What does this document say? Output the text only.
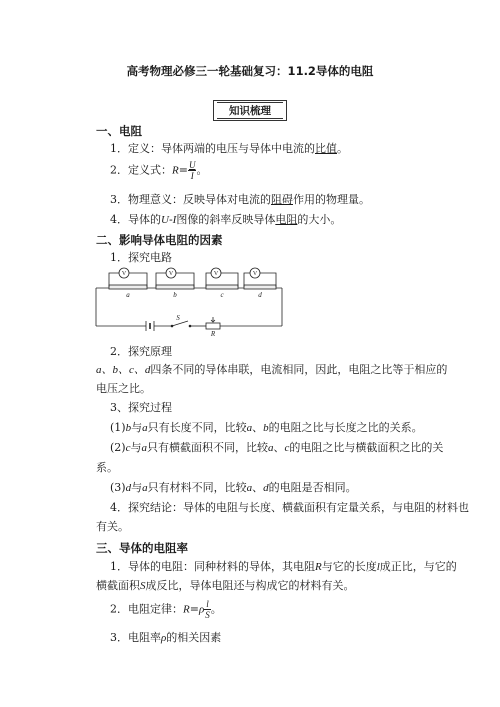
高考物理必修三一轮基础复习：11.2导体的电阻
知识梳理
一、电阻
1．定义：导体两端的电压与导体中电流的比值。
2．定义式：$R= \frac{U}{I}$ 。
3．物理意义：反映导体对电流的阻碍作用的物理量。
4．导体的U-I图像的斜率反映导体电阻的大小。
二、影响导体电阻的因素
1．探究电路
V	V	V	V
a	b	c	d
S
R
2．探究原理
a、b、c、d四条不同的导体串联，电流相同，因此，电阻之比等于相应的
电压之比。
3、探究过程
(1)b与a只有长度不同，比较a、b的电阻之比与长度之比的关系。
(2)c与a只有横截面积不同，比较a、c的电阻之比与横截面积之比的关
系。
(3)d与a只有材料不同，比较a、d的电阻是否相同。
4．探究结论：导体的电阻与长度、横截面积有定量关系，与电阻的材料也
有关。
三、导体的电阻率
1．导体的电阻：同种材料的导体，其电阻R与它的长度l成正比，与它的
横截面积S成反比，导体电阻还与构成它的材料有关。
2．电阻定律：$R=\rho \frac{l}{S}$ 。
3．电阻率ρ的相关因素
